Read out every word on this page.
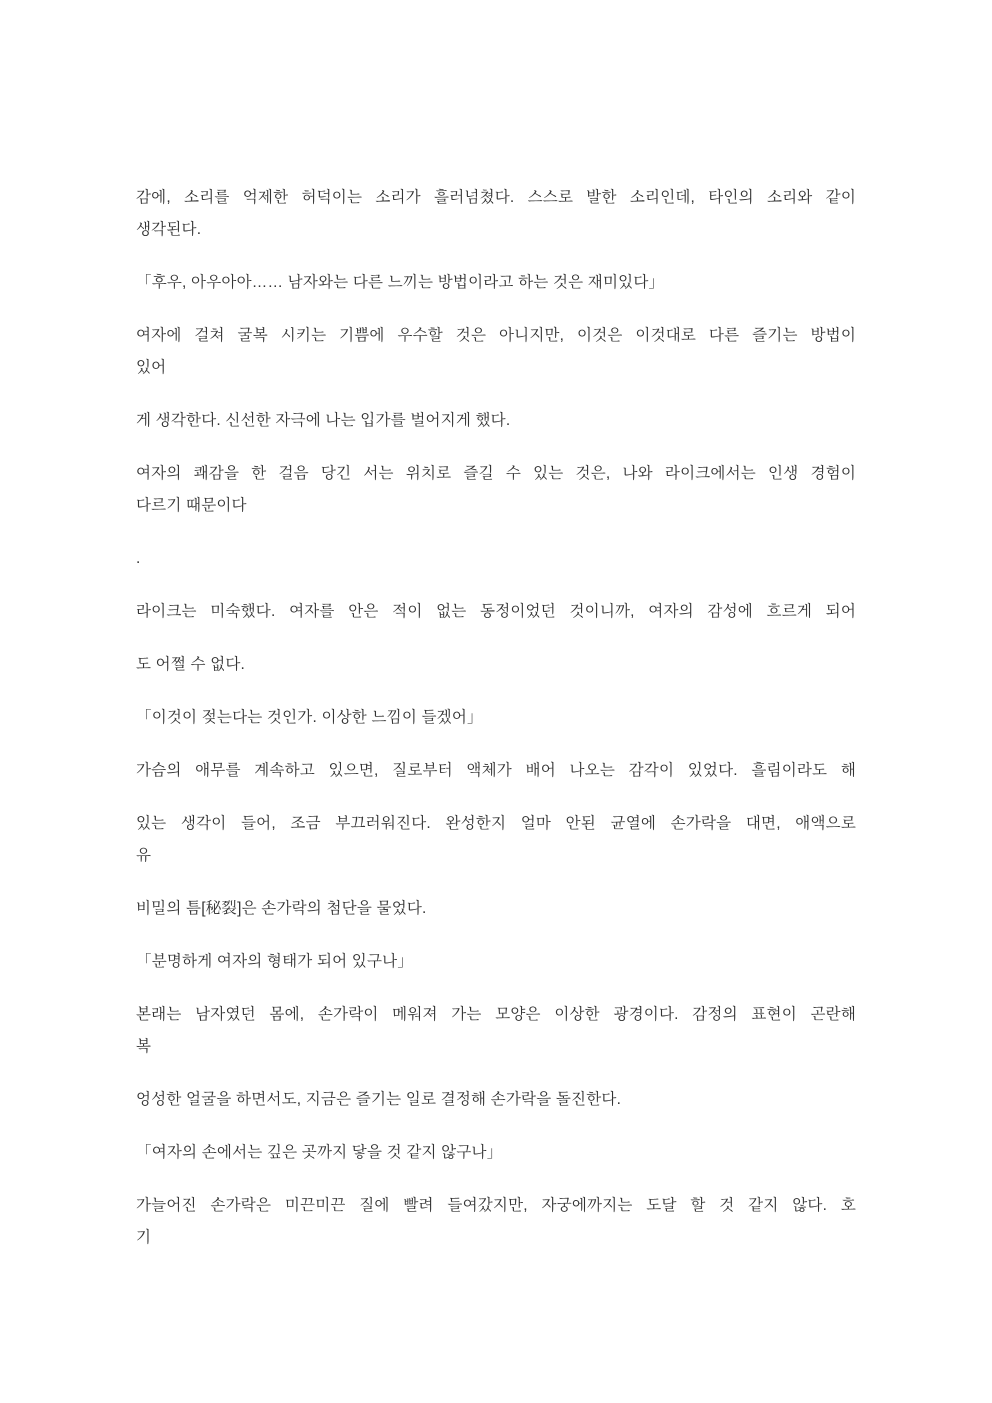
감에, 소리를 억제한 허덕이는 소리가 흘러넘쳤다. 스스로 발한 소리인데, 타인의 소리와 같이
생각된다.
「후우, 아우아아…… 남자와는 다른 느끼는 방법이라고 하는 것은 재미있다」
여자에 걸쳐 굴복 시키는 기쁨에 우수할 것은 아니지만, 이것은 이것대로 다른 즐기는 방법이
있어
게 생각한다. 신선한 자극에 나는 입가를 벌어지게 했다.
여자의 쾌감을 한 걸음 당긴 서는 위치로 즐길 수 있는 것은, 나와 라이크에서는 인생 경험이
다르기 때문이다
.
라이크는 미숙했다. 여자를 안은 적이 없는 동정이었던 것이니까, 여자의 감성에 흐르게 되어
도 어쩔 수 없다.
「이것이 젖는다는 것인가. 이상한 느낌이 들겠어」
가슴의 애무를 계속하고 있으면, 질로부터 액체가 배어 나오는 감각이 있었다. 흘림이라도 해
있는 생각이 들어, 조금 부끄러워진다. 완성한지 얼마 안된 균열에 손가락을 대면, 애액으로
유
비밀의 틈[秘裂]은 손가락의 첨단을 물었다.
「분명하게 여자의 형태가 되어 있구나」
본래는 남자였던 몸에, 손가락이 메워져 가는 모양은 이상한 광경이다. 감정의 표현이 곤란해
복
엉성한 얼굴을 하면서도, 지금은 즐기는 일로 결정해 손가락을 돌진한다.
「여자의 손에서는 깊은 곳까지 닿을 것 같지 않구나」
가늘어진 손가락은 미끈미끈 질에 빨려 들여갔지만, 자궁에까지는 도달 할 것 같지 않다. 호
기
